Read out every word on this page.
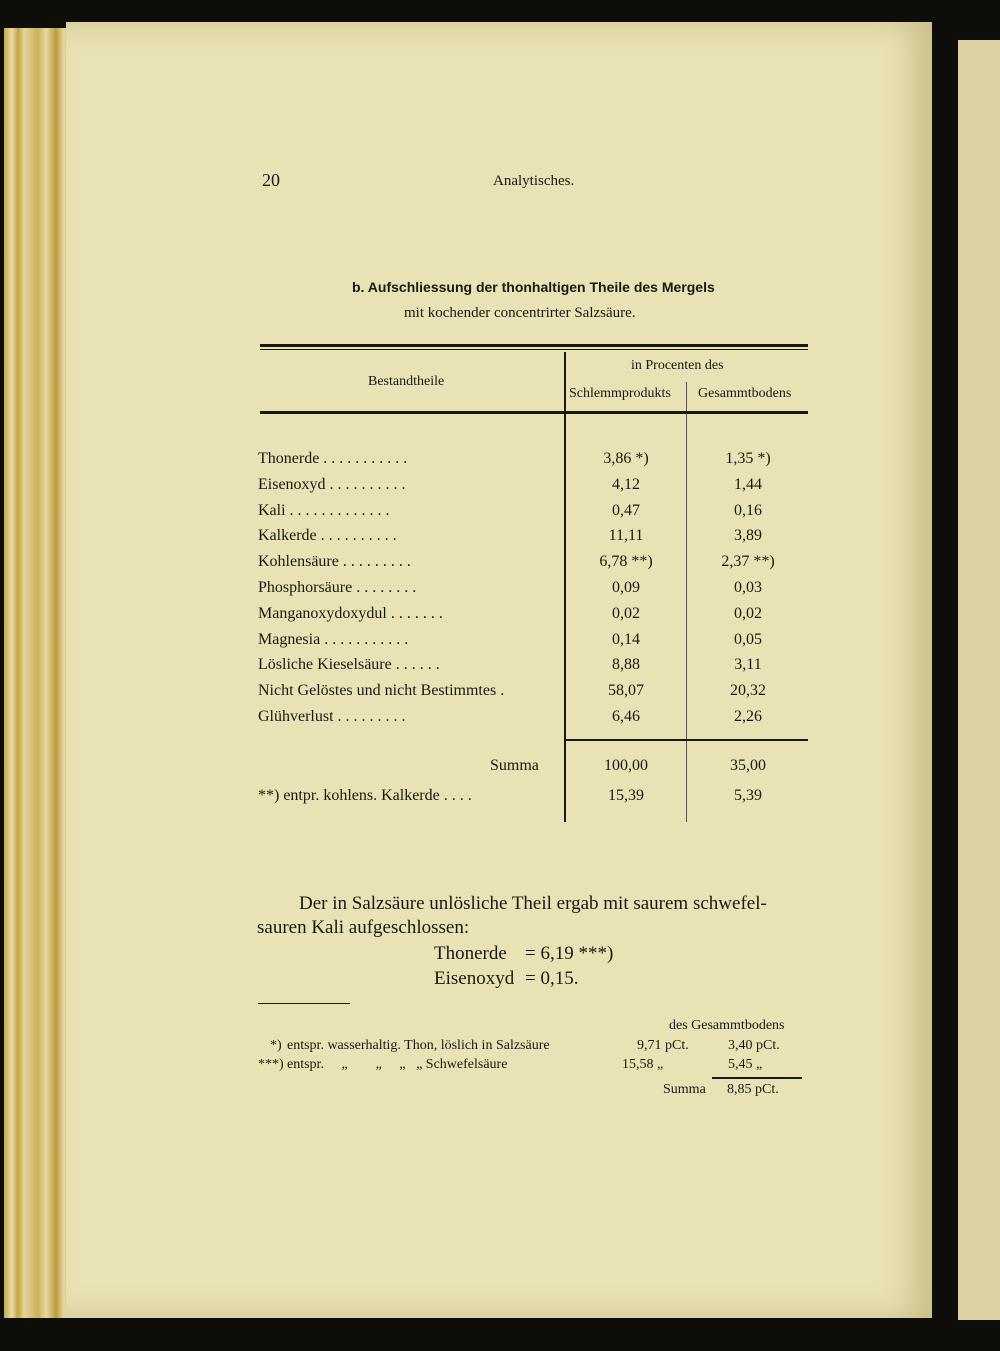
20	Analytisches.
b. Aufschliessung der thonhaltigen Theile des Mergels
mit kochender concentrirter Salzsäure.
Bestandtheile
in Procenten des
Schlemmprodukts Gesammtbodens
Thonerde . . . . . . . . . . .	3,86 *)	1,35 *)
Eisenoxyd . . . . . . . . . .	4,12	1,44
Kali . . . . . . . . . . . . .	0,47	0,16
Kalkerde . . . . . . . . . .	11,11	3,89
Kohlensäure . . . . . . . . .	6,78 **)	2,37 **)
Phosphorsäure . . . . . . . .	0,09	0,03
Manganoxydoxydul . . . . . . .	0,02	0,02
Magnesia . . . . . . . . . . .	0,14	0,05
Lösliche Kieselsäure . . . . . .	8,88	3,11
Nicht Gelöstes und nicht Bestimmtes .	58,07	20,32
Glühverlust . . . . . . . . .	6,46	2,26
Summa	100,00	35,00
**) entpr. kohlens. Kalkerde . . . .	15,39	5,39
Der in Salzsäure unlösliche Theil ergab mit saurem schwefel-
sauren Kali aufgeschlossen:
Thonerde = 6,19 ***)
Eisenoxyd = 0,15.
des Gesammtbodens
*) entspr. wasserhaltig. Thon, löslich in Salzsäure	9,71 pCt.	3,40 pCt.
***) entspr.     „        „     „   „ Schwefelsäure	15,58 „	5,45 „
Summa 8,85 pCt.
